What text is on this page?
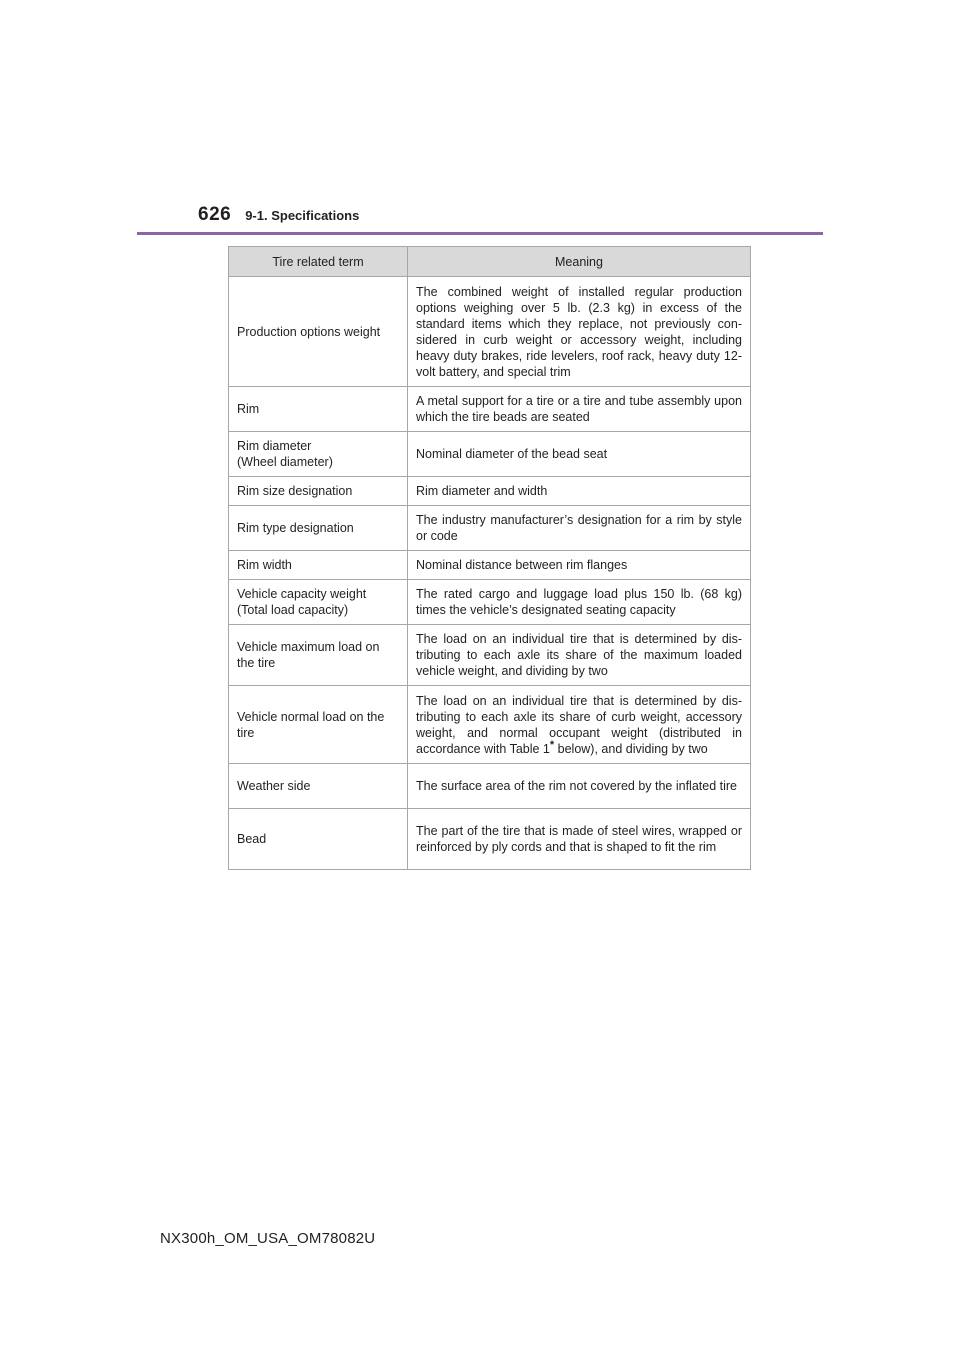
626 9-1. Specifications
Tire related term	Meaning

Production options weight	The combined weight of installed regular production options weighing over 5 lb. (2.3 kg) in excess of the standard items which they replace, not previously con-sidered in curb weight or accessory weight, including heavy duty brakes, ride levelers, roof rack, heavy duty 12-volt battery, and special trim

Rim	A metal support for a tire or a tire and tube assembly upon which the tire beads are seated

Rim diameter
(Wheel diameter)	Nominal diameter of the bead seat

Rim size designation	Rim diameter and width

Rim type designation	The industry manufacturer’s designation for a rim by style or code

Rim width	Nominal distance between rim flanges

Vehicle capacity weight
(Total load capacity)	The rated cargo and luggage load plus 150 lb. (68 kg) times the vehicle’s designated seating capacity

Vehicle maximum load on the tire	The load on an individual tire that is determined by dis-tributing to each axle its share of the maximum loaded vehicle weight, and dividing by two

Vehicle normal load on the tire	The load on an individual tire that is determined by dis-tributing to each axle its share of curb weight, accessory weight, and normal occupant weight (distributed in accordance with Table 1* below), and dividing by two

Weather side	The surface area of the rim not covered by the inflated tire

Bead	The part of the tire that is made of steel wires, wrapped or reinforced by ply cords and that is shaped to fit the rim
NX300h_OM_USA_OM78082U
